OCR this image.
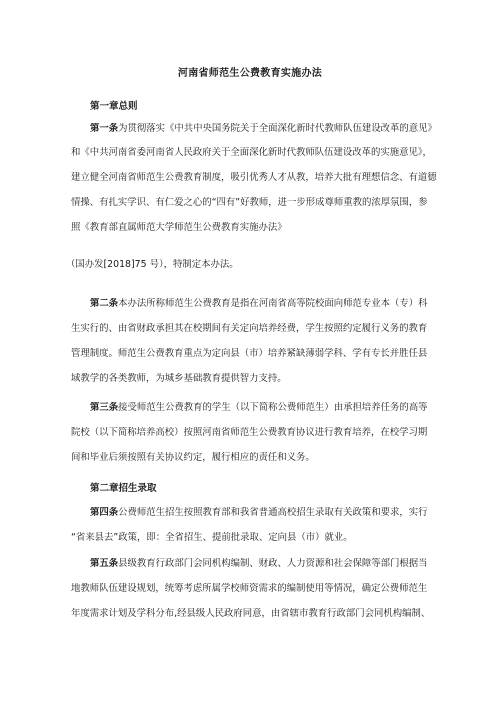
河南省师范生公费教育实施办法
第一章总则
第一条为贯彻落实《中共中央国务院关于全面深化新时代教师队伍建设改革的意见》
和《中共河南省委河南省人民政府关于全面深化新时代教师队伍建设改革的实施意见》，
建立健全河南省师范生公费教育制度，吸引优秀人才从教，培养大批有理想信念、有道德
情操、有扎实学识、有仁爱之心的“四有”好教师，进一步形成尊师重教的浓厚氛围，参
照《教育部直属师范大学师范生公费教育实施办法》
（国办发[2018]75 号），特制定本办法。
第二条本办法所称师范生公费教育是指在河南省高等院校面向师范专业本（专）科
生实行的、由省财政承担其在校期间有关定向培养经费，学生按照约定履行义务的教育
管理制度。师范生公费教育重点为定向县（市）培养紧缺薄弱学科、学有专长并胜任县
域教学的各类教师，为城乡基础教育提供智力支持。
第三条接受师范生公费教育的学生（以下简称公费师范生）由承担培养任务的高等
院校（以下简称培养高校）按照河南省师范生公费教育协议进行教育培养，在校学习期
间和毕业后须按照有关协议约定，履行相应的责任和义务。
第二章招生录取
第四条公费师范生招生按照教育部和我省普通高校招生录取有关政策和要求，实行
“省来县去”政策，即：全省招生、提前批录取、定向县（市）就业。
第五条县级教育行政部门会同机构编制、财政、人力资源和社会保障等部门根据当
地教师队伍建设规划，统筹考虑所属学校师资需求的编制使用等情况，确定公费师范生
年度需求计划及学科分布,经县级人民政府同意，由省辖市教育行政部门会同机构编制、
